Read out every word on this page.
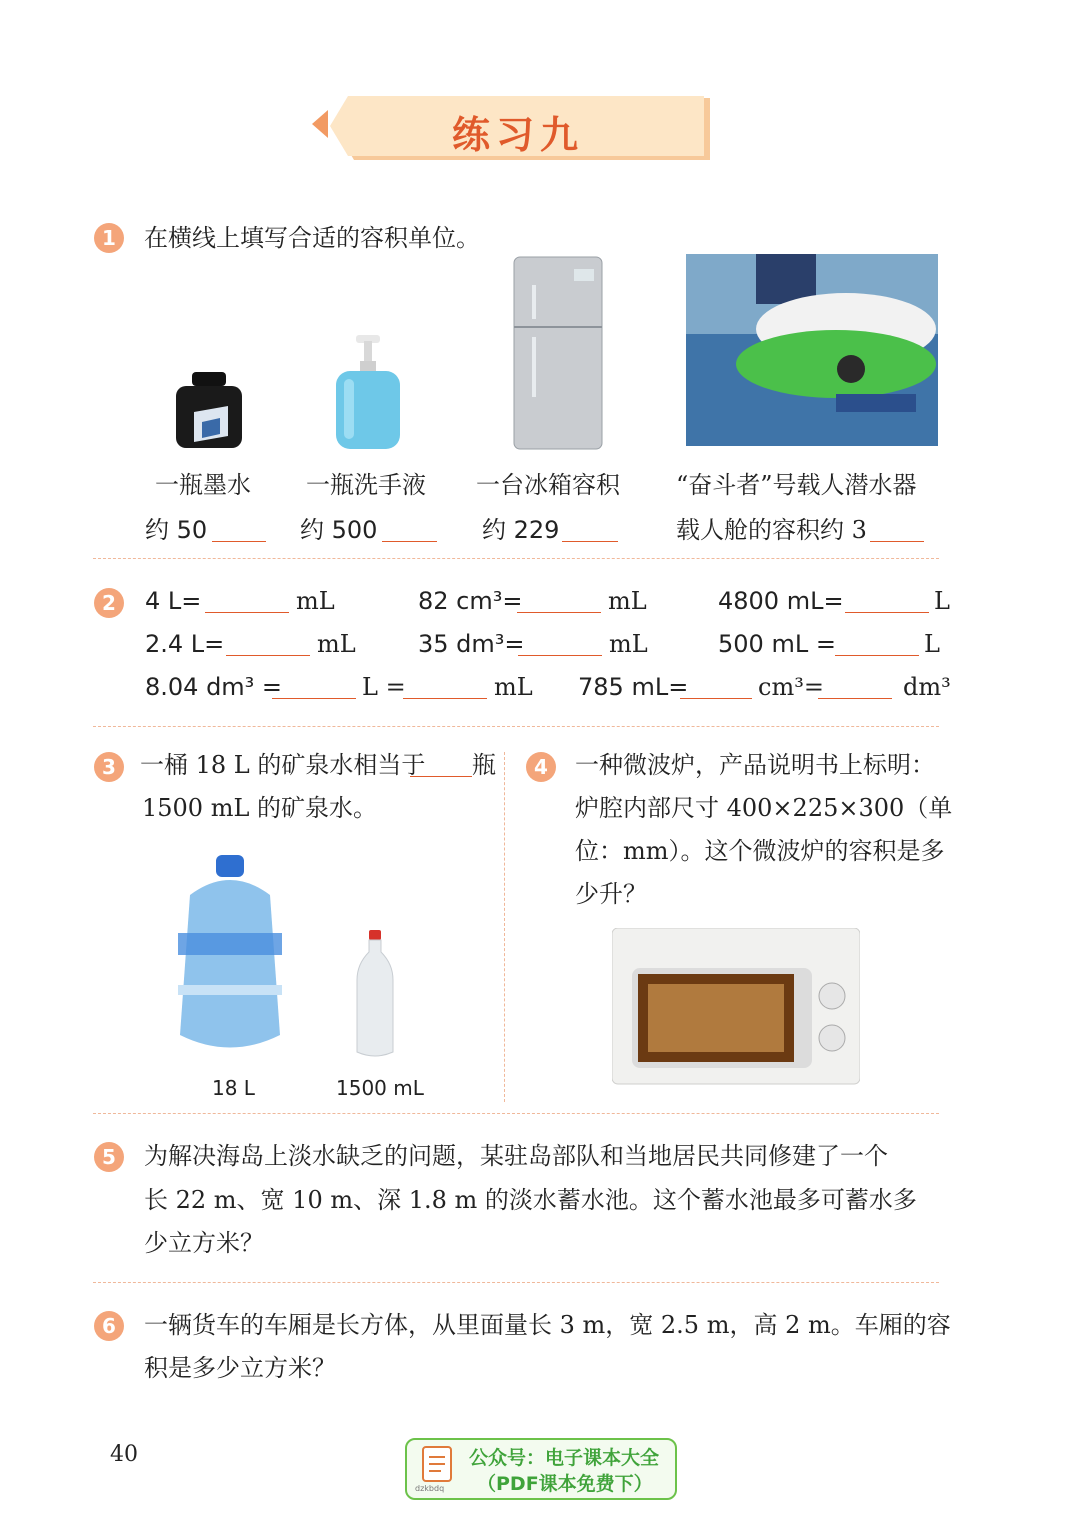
练习九
1	在横线上填写合适的容积单位。
一瓶墨水 一瓶洗手液 一台冰箱容积 “奋斗者”号载人潜水器
约 50	约 500	约 229	载人舱的容积约 3
2	4 L=	mL	82 cm³=	mL	4800 mL=	L
2.4 L=	mL	35 dm³=	mL	500 mL =	L
8.04 dm³ =	L =	mL 785 mL=	cm³=	dm³
3	一桶 18 L 的矿泉水相当于 瓶
1500 mL 的矿泉水。
18 L	1500 mL
4	一种微波炉，产品说明书上标明：
炉腔内部尺寸 400×225×300（单
位：mm）。这个微波炉的容积是多
少升？
5	为解决海岛上淡水缺乏的问题，某驻岛部队和当地居民共同修建了一个
长 22 m、宽 10 m、深 1.8 m 的淡水蓄水池。这个蓄水池最多可蓄水多
少立方米？
6	一辆货车的车厢是长方体，从里面量长 3 m，宽 2.5 m，高 2 m。车厢的容
积是多少立方米？
40
dzkbdq
公众号：电子课本大全
（PDF课本免费下）
